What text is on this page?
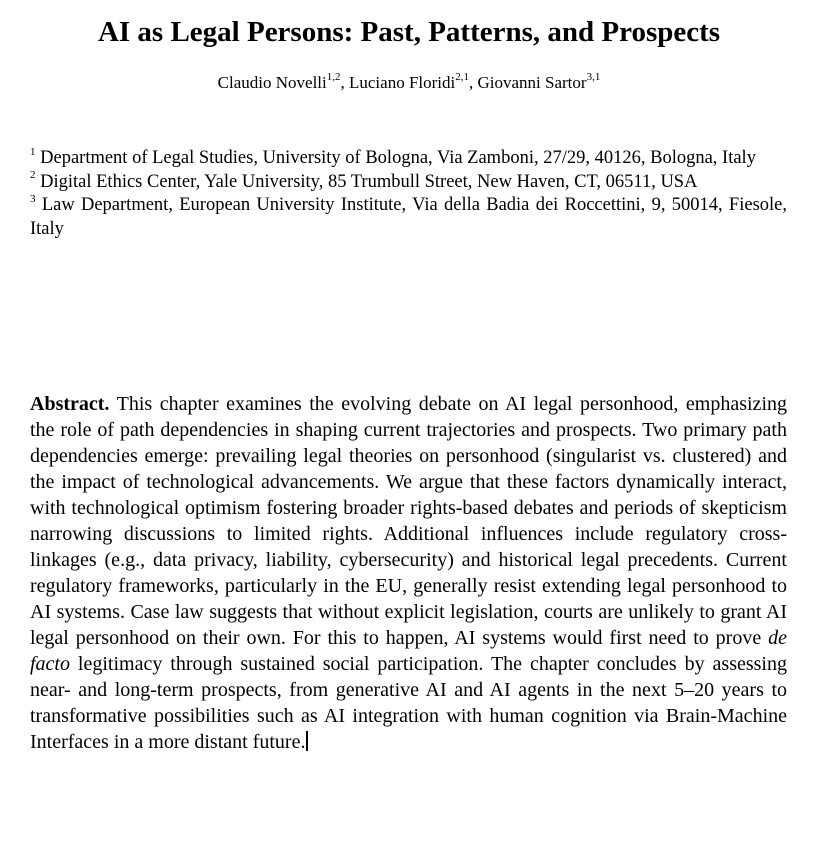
AI as Legal Persons: Past, Patterns, and Prospects
Claudio Novelli$^{1,2}$, Luciano Floridi$^{2,1}$, Giovanni Sartor$^{3,1}$

$^1$ Department of Legal Studies, University of Bologna, Via Zamboni, 27/29, 40126, Bologna, Italy

$^2$ Digital Ethics Center, Yale University, 85 Trumbull Street, New Haven, CT, 06511, USA

$^3$ Law Department, European University Institute, Via della Badia dei Roccettini, 9, 50014, Fiesole, Italy

Abstract. This chapter examines the evolving debate on AI legal personhood, emphasizing the role of path dependencies in shaping current trajectories and prospects. Two primary path dependencies emerge: prevailing legal theories on personhood (singularist vs. clustered) and the impact of technological advancements. We argue that these factors dynamically interact, with technological optimism fostering broader rights-based debates and periods of skepticism narrowing discussions to limited rights. Additional influences include regulatory cross-linkages (e.g., data privacy, liability, cybersecurity) and historical legal precedents. Current regulatory frameworks, particularly in the EU, generally resist extending legal personhood to AI systems. Case law suggests that without explicit legislation, courts are unlikely to grant AI legal personhood on their own. For this to happen, AI systems would first need to prove de facto legitimacy through sustained social participation. The chapter concludes by assessing near- and long-term prospects, from generative AI and AI agents in the next 5–20 years to transformative possibilities such as AI integration with human cognition via Brain-Machine Interfaces in a more distant future.
